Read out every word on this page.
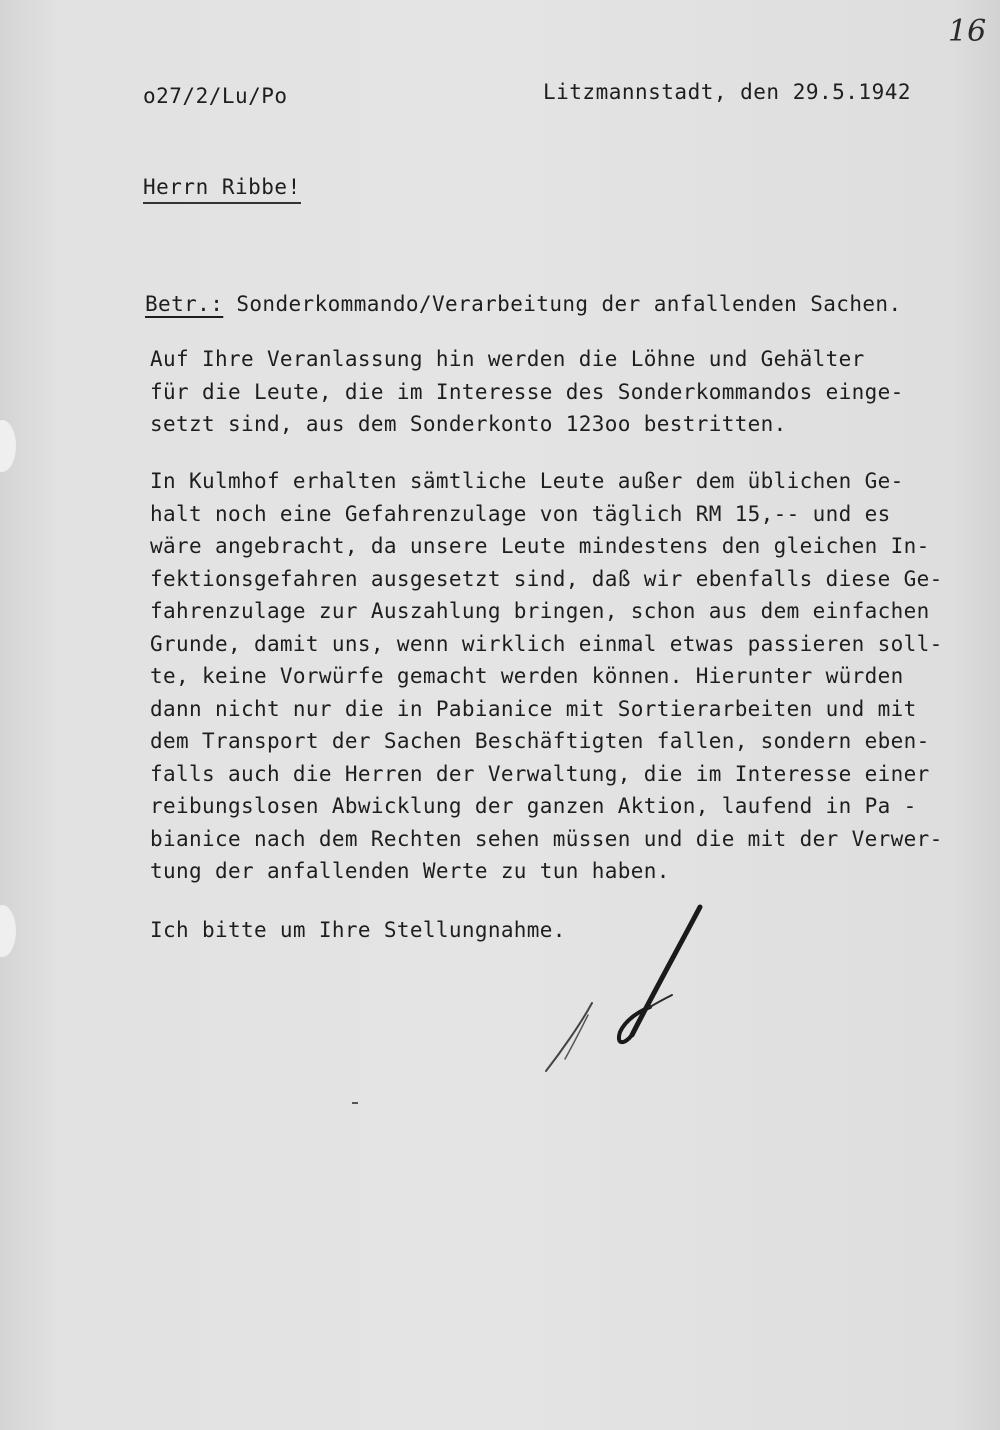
16
o27/2/Lu/Po	Litzmannstadt, den 29.5.1942
Herrn Ribbe!
Betr.: Sonderkommando/Verarbeitung der anfallenden Sachen.

Auf Ihre Veranlassung hin werden die Löhne und Gehälter
für die Leute, die im Interesse des Sonderkommandos einge-
setzt sind, aus dem Sonderkonto 123oo bestritten.

In Kulmhof erhalten sämtliche Leute außer dem üblichen Ge-
halt noch eine Gefahrenzulage von täglich RM 15,-- und es
wäre angebracht, da unsere Leute mindestens den gleichen In-
fektionsgefahren ausgesetzt sind, daß wir ebenfalls diese Ge-
fahrenzulage zur Auszahlung bringen, schon aus dem einfachen
Grunde, damit uns, wenn wirklich einmal etwas passieren soll-
te, keine Vorwürfe gemacht werden können. Hierunter würden
dann nicht nur die in Pabianice mit Sortierarbeiten und mit
dem Transport der Sachen Beschäftigten fallen, sondern eben-
falls auch die Herren der Verwaltung, die im Interesse einer
reibungslosen Abwicklung der ganzen Aktion, laufend in Pa -
bianice nach dem Rechten sehen müssen und die mit der Verwer-
tung der anfallenden Werte zu tun haben.

Ich bitte um Ihre Stellungnahme.
